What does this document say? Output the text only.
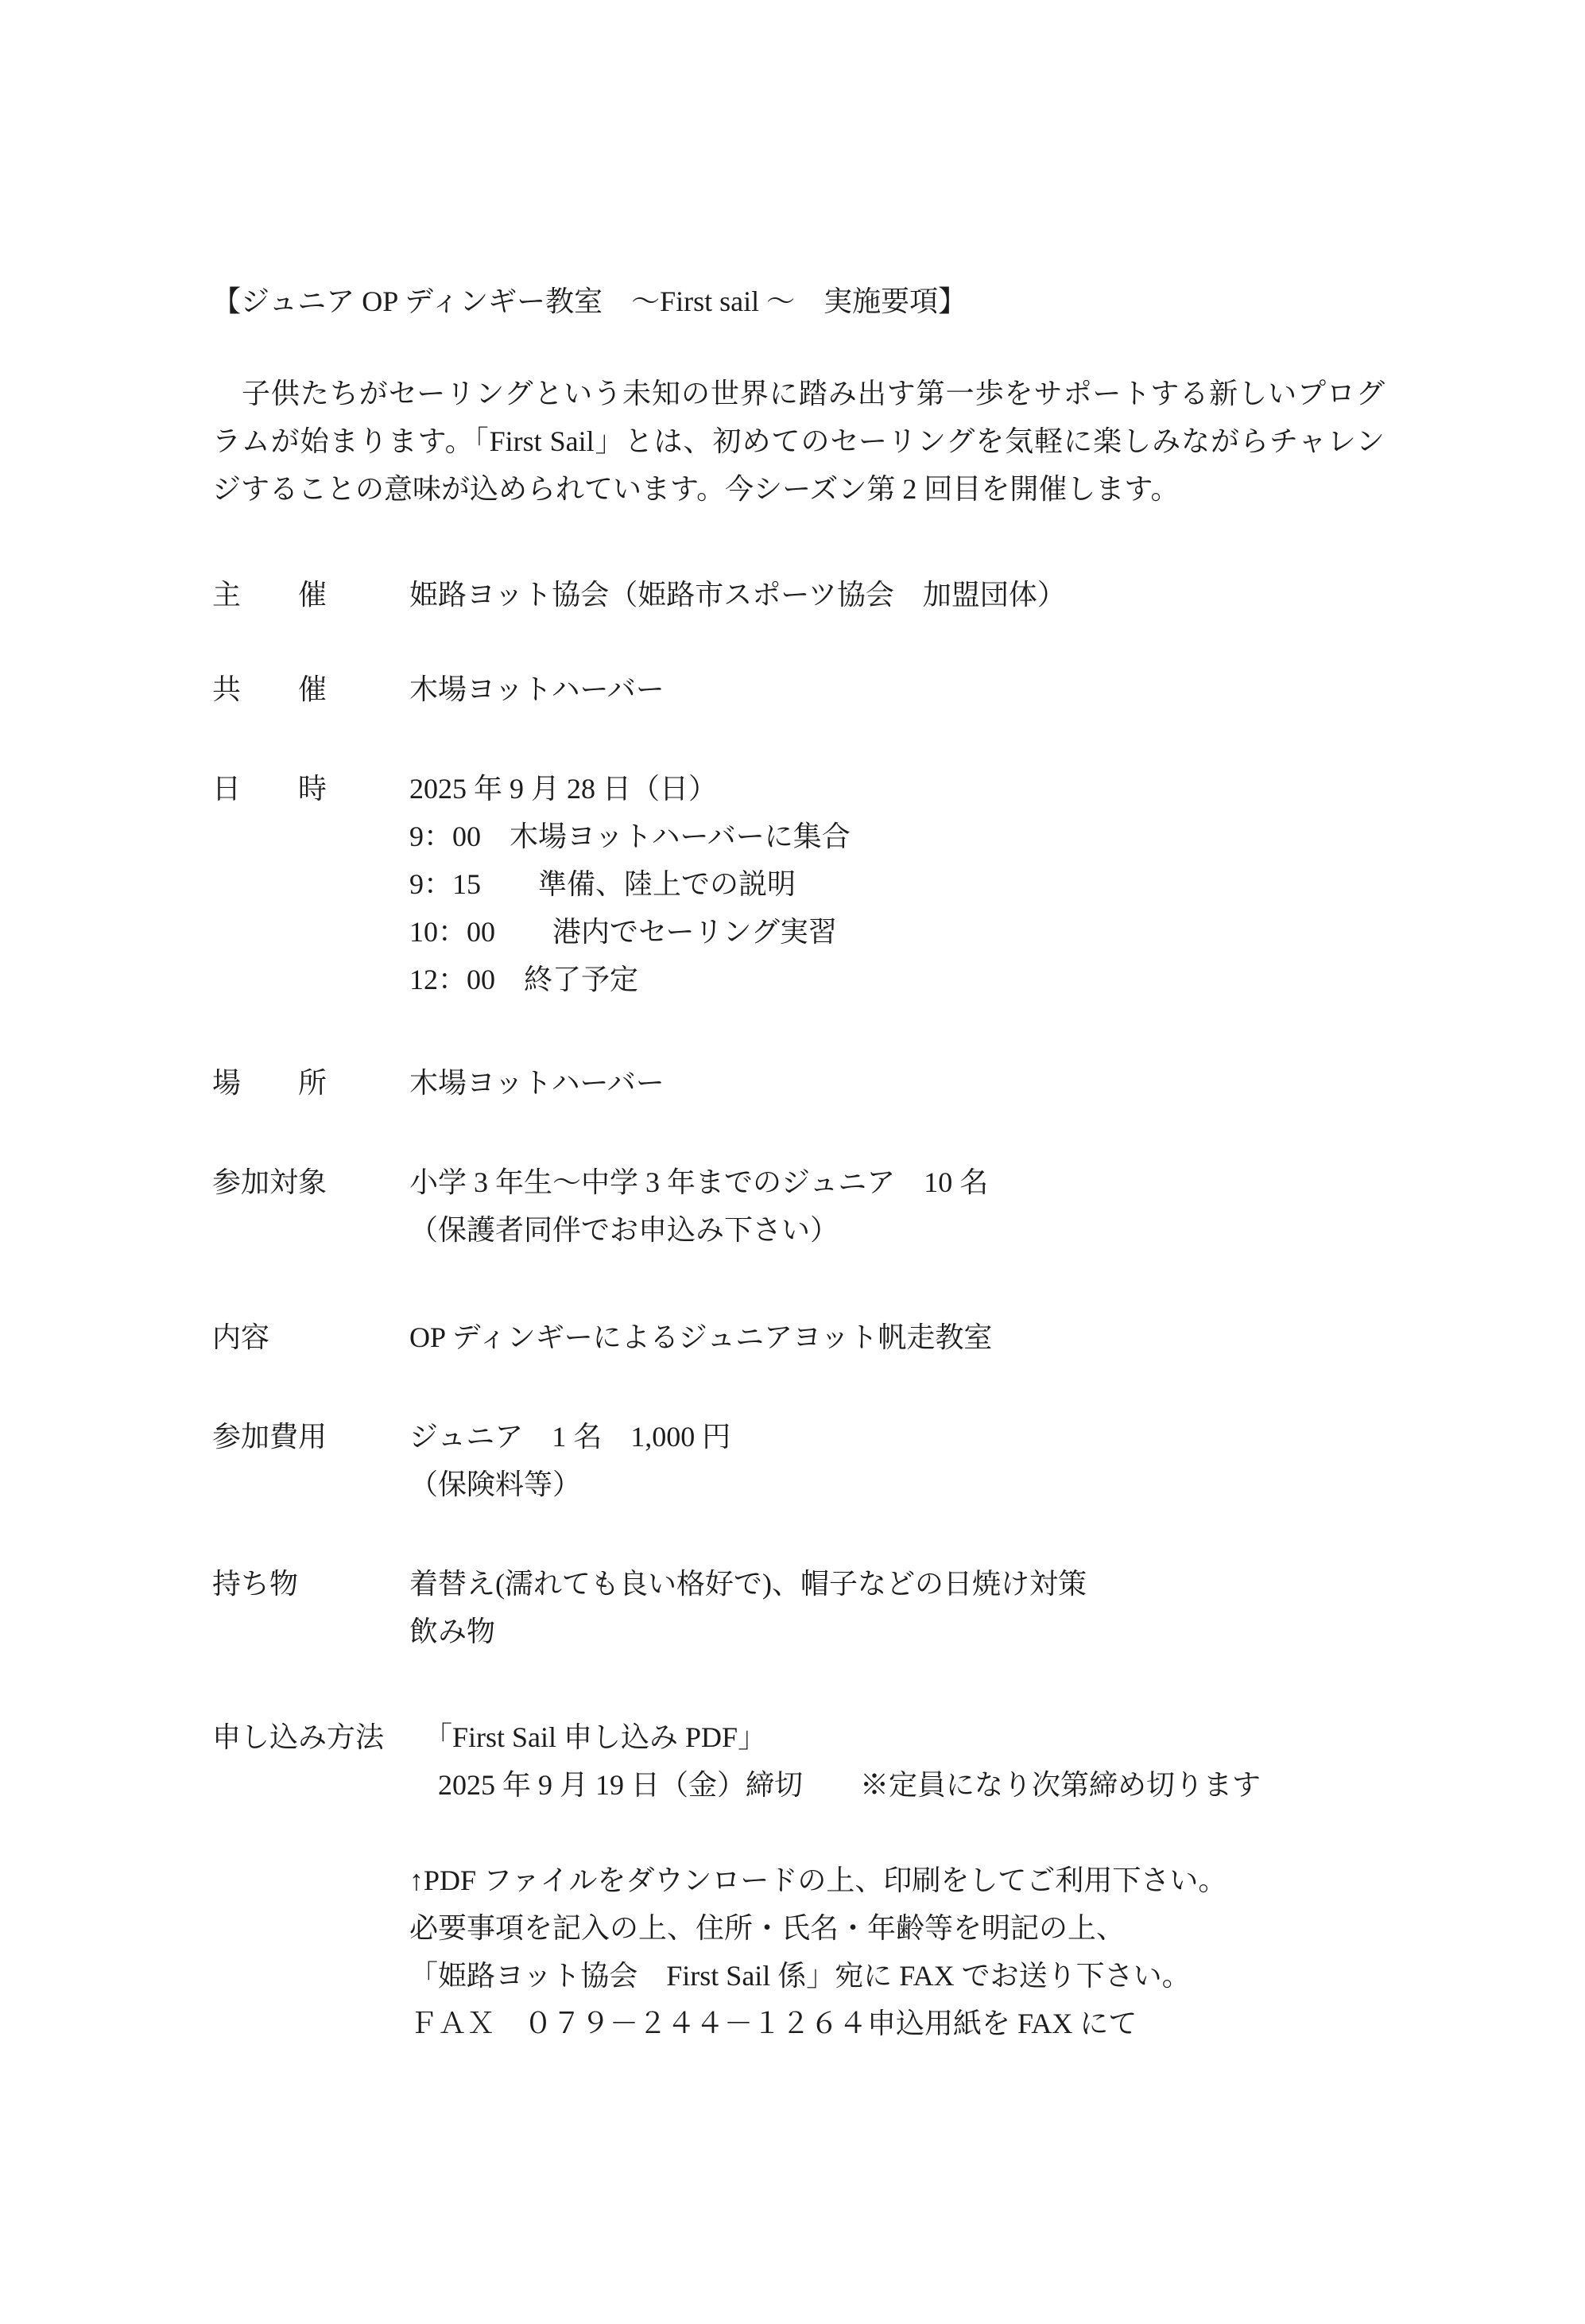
【ジュニア OP ディンギー教室　～First sail ～　実施要項】
　子供たちがセーリングという未知の世界に踏み出す第一歩をサポートする新しいプログ
ラムが始まります。「First Sail」とは、初めてのセーリングを気軽に楽しみながらチャレン
ジすることの意味が込められています。今シーズン第 2 回目を開催します。
主　　催	姫路ヨット協会（姫路市スポーツ協会　加盟団体）
共　　催	木場ヨットハーバー
日　　時	2025 年 9 月 28 日（日）
9：00　木場ヨットハーバーに集合
9：15　　準備、陸上での説明
10：00　　港内でセーリング実習
12：00　終了予定
場　　所	木場ヨットハーバー
参加対象	小学 3 年生～中学 3 年までのジュニア　10 名
（保護者同伴でお申込み下さい）
内容	OP ディンギーによるジュニアヨット帆走教室
参加費用	ジュニア　1 名　1,000 円
（保険料等）
持ち物	着替え(濡れても良い格好で)、帽子などの日焼け対策
飲み物
申し込み方法 　「First Sail 申し込み PDF」
　2025 年 9 月 19 日（金）締切　　※定員になり次第締め切ります
↑PDF ファイルをダウンロードの上、印刷をしてご利用下さい。
必要事項を記入の上、住所・氏名・年齢等を明記の上、
「姫路ヨット協会　First Sail 係」宛に FAX でお送り下さい。
ＦＡＸ　０７９－２４４－１２６４申込用紙を FAX にて
